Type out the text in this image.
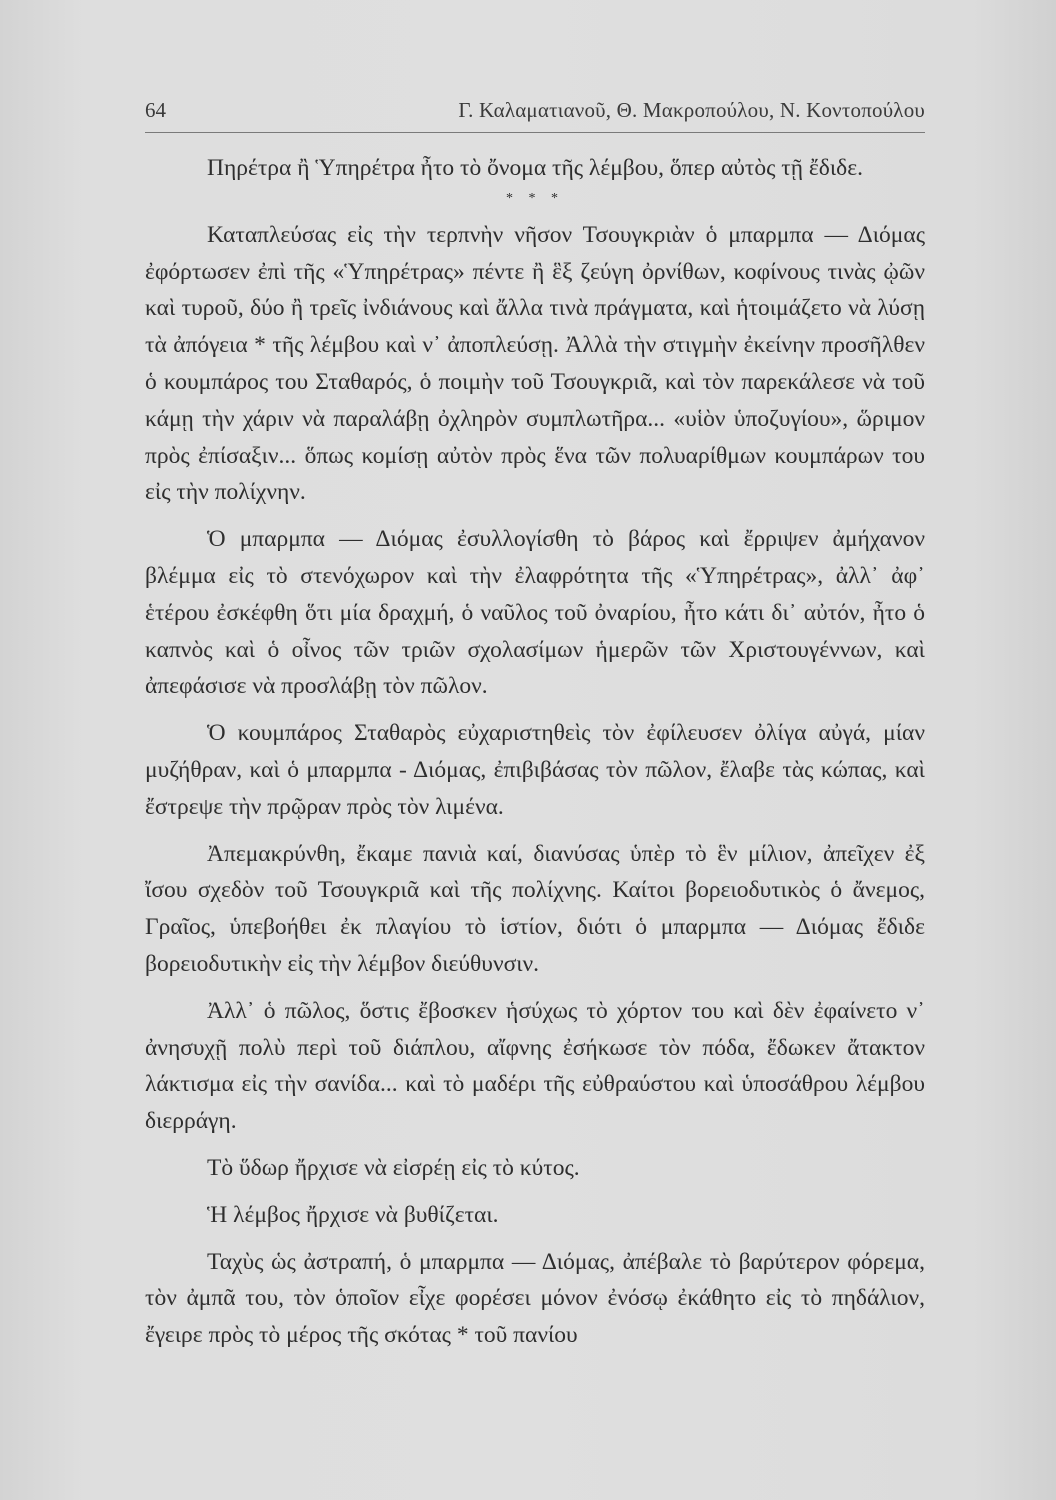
64	Γ. Καλαματιανοῦ, Θ. Μακροπούλου, Ν. Κοντοπούλου

Πηρέτρα ἢ Ὑπηρέτρα ἦτο τὸ ὄνομα τῆς λέμβου, ὅπερ αὐτὸς τῇ ἔδιδε.

* * *

Καταπλεύσας εἰς τὴν τερπνὴν νῆσον Τσουγκριὰν ὁ μπαρμπα — Διόμας ἐφόρτωσεν ἐπὶ τῆς «Ὑπηρέτρας» πέντε ἢ ἓξ ζεύγη ὀρνίθων, κοφίνους τινὰς ᾠῶν καὶ τυροῦ, δύο ἢ τρεῖς ἰνδιάνους καὶ ἄλλα τινὰ πράγματα, καὶ ἡτοιμάζετο νὰ λύσῃ τὰ ἀπόγεια * τῆς λέμβου καὶ ν᾽ ἀποπλεύσῃ. Ἀλλὰ τὴν στιγμὴν ἐκείνην προσῆλθεν ὁ κουμπάρος του Σταθαρός, ὁ ποιμὴν τοῦ Τσουγκριᾶ, καὶ τὸν παρεκάλεσε νὰ τοῦ κάμῃ τὴν χάριν νὰ παραλάβῃ ὀχληρὸν συμπλωτῆρα... «υἱὸν ὑποζυγίου», ὥριμον πρὸς ἐπίσαξιν... ὅπως κομίσῃ αὐτὸν πρὸς ἕνα τῶν πολυαρίθμων κουμπάρων του εἰς τὴν πολίχνην.

Ὁ μπαρμπα — Διόμας ἐσυλλογίσθη τὸ βάρος καὶ ἔρριψεν ἀμήχανον βλέμμα εἰς τὸ στενόχωρον καὶ τὴν ἐλαφρότητα τῆς «Ὑπηρέτρας», ἀλλ᾽ ἀφ᾽ ἑτέρου ἐσκέφθη ὅτι μία δραχμή, ὁ ναῦλος τοῦ ὀναρίου, ἦτο κάτι δι᾽ αὐτόν, ἦτο ὁ καπνὸς καὶ ὁ οἶνος τῶν τριῶν σχολασίμων ἡμερῶν τῶν Χριστουγέννων, καὶ ἀπεφάσισε νὰ προσλάβῃ τὸν πῶλον.

Ὁ κουμπάρος Σταθαρὸς εὐχαριστηθεὶς τὸν ἐφίλευσεν ὀλίγα αὐγά, μίαν μυζήθραν, καὶ ὁ μπαρμπα - Διόμας, ἐπιβιβάσας τὸν πῶλον, ἔλαβε τὰς κώπας, καὶ ἔστρεψε τὴν πρῷραν πρὸς τὸν λιμένα.

Ἀπεμακρύνθη, ἔκαμε πανιὰ καί, διανύσας ὑπὲρ τὸ ἓν μίλιον, ἀπεῖχεν ἐξ ἴσου σχεδὸν τοῦ Τσουγκριᾶ καὶ τῆς πολίχνης. Καίτοι βορειοδυτικὸς ὁ ἄνεμος, Γραῖος, ὑπεβοήθει ἐκ πλαγίου τὸ ἱστίον, διότι ὁ μπαρμπα — Διόμας ἔδιδε βορειοδυτικὴν εἰς τὴν λέμβον διεύθυνσιν.

Ἀλλ᾽ ὁ πῶλος, ὅστις ἔβοσκεν ἡσύχως τὸ χόρτον του καὶ δὲν ἐφαίνετο ν᾽ ἀνησυχῇ πολὺ περὶ τοῦ διάπλου, αἴφνης ἐσήκωσε τὸν πόδα, ἔδωκεν ἄτακτον λάκτισμα εἰς τὴν σανίδα... καὶ τὸ μαδέρι τῆς εὐθραύστου καὶ ὑποσάθρου λέμβου διερράγη.

Τὸ ὕδωρ ἤρχισε νὰ εἰσρέῃ εἰς τὸ κύτος.

Ἡ λέμβος ἤρχισε νὰ βυθίζεται.

Ταχὺς ὡς ἀστραπή, ὁ μπαρμπα — Διόμας, ἀπέβαλε τὸ βαρύτερον φόρεμα, τὸν ἀμπᾶ του, τὸν ὁποῖον εἶχε φορέσει μόνον ἐνόσῳ ἐκάθητο εἰς τὸ πηδάλιον, ἔγειρε πρὸς τὸ μέρος τῆς σκότας * τοῦ πανίου
